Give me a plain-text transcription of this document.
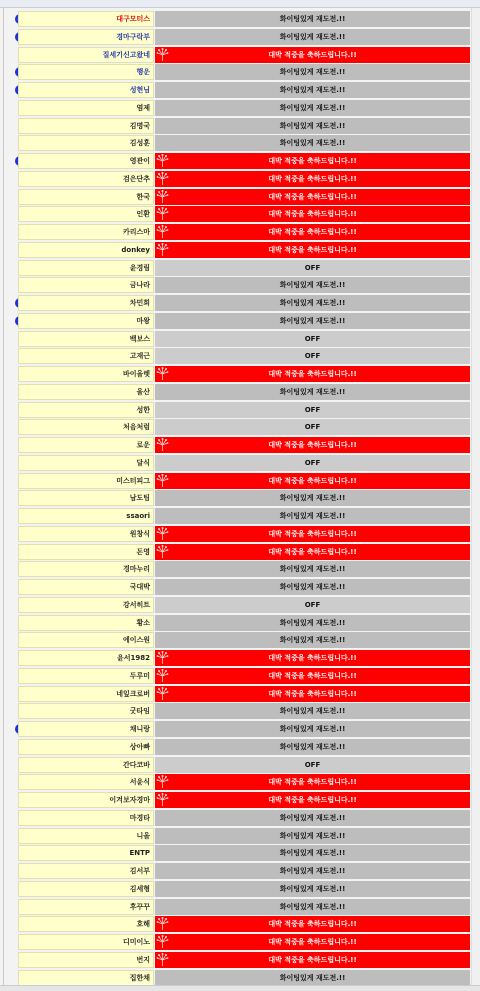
대구모터스	화이팅있게 재도전.!!
경마구락부	화이팅있게 재도전.!!
질세기신고왔네	대박 적중을 축하드립니다.!!
행운	화이팅있게 재도전.!!
성현님	화이팅있게 재도전.!!
염제	화이팅있게 재도전.!!
김명국	화이팅있게 재도전.!!
김성훈	화이팅있게 재도전.!!
영관이	대박 적중을 축하드립니다.!!
검은단추	대박 적중을 축하드립니다.!!
한국	대박 적중을 축하드립니다.!!
인환	대박 적중을 축하드립니다.!!
카리스마	대박 적중을 축하드립니다.!!
donkey	대박 적중을 축하드립니다.!!
윤경림	OFF
금나라	화이팅있게 재도전.!!
차민희	화이팅있게 재도전.!!
마왕	화이팅있게 재도전.!!
백보스	OFF
고재근	OFF
바이올렛	대박 적중을 축하드립니다.!!
울산	화이팅있게 재도전.!!
성한	OFF
처음처럼	OFF
로운	대박 적중을 축하드립니다.!!
달식	OFF
미스터피그	대박 적중을 축하드립니다.!!
남도팀	화이팅있게 재도전.!!
ssaori	화이팅있게 재도전.!!
원창식	대박 적중을 축하드립니다.!!
돈영	대박 적중을 축하드립니다.!!
경마누리	화이팅있게 재도전.!!
국대박	화이팅있게 재도전.!!
강서히트	OFF
황소	화이팅있게 재도전.!!
에이스원	화이팅있게 재도전.!!
윤서1982	대박 적중을 축하드립니다.!!
두루미	대박 적중을 축하드립니다.!!
네잎크로버	대박 적중을 축하드립니다.!!
굿타임	화이팅있게 재도전.!!
채니랑	화이팅있게 재도전.!!
상아빠	화이팅있게 재도전.!!
간다코바	OFF
서윤식	대박 적중을 축하드립니다.!!
이겨보자경마	대박 적중을 축하드립니다.!!
마경타	화이팅있게 재도전.!!
니올	화이팅있게 재도전.!!
ENTP	화이팅있게 재도전.!!
김서부	화이팅있게 재도전.!!
김세형	화이팅있게 재도전.!!
후꾸꾸	화이팅있게 재도전.!!
호해	대박 적중을 축하드립니다.!!
디미이노	대박 적중을 축하드립니다.!!
번지	대박 적중을 축하드립니다.!!
집한채	화이팅있게 재도전.!!
